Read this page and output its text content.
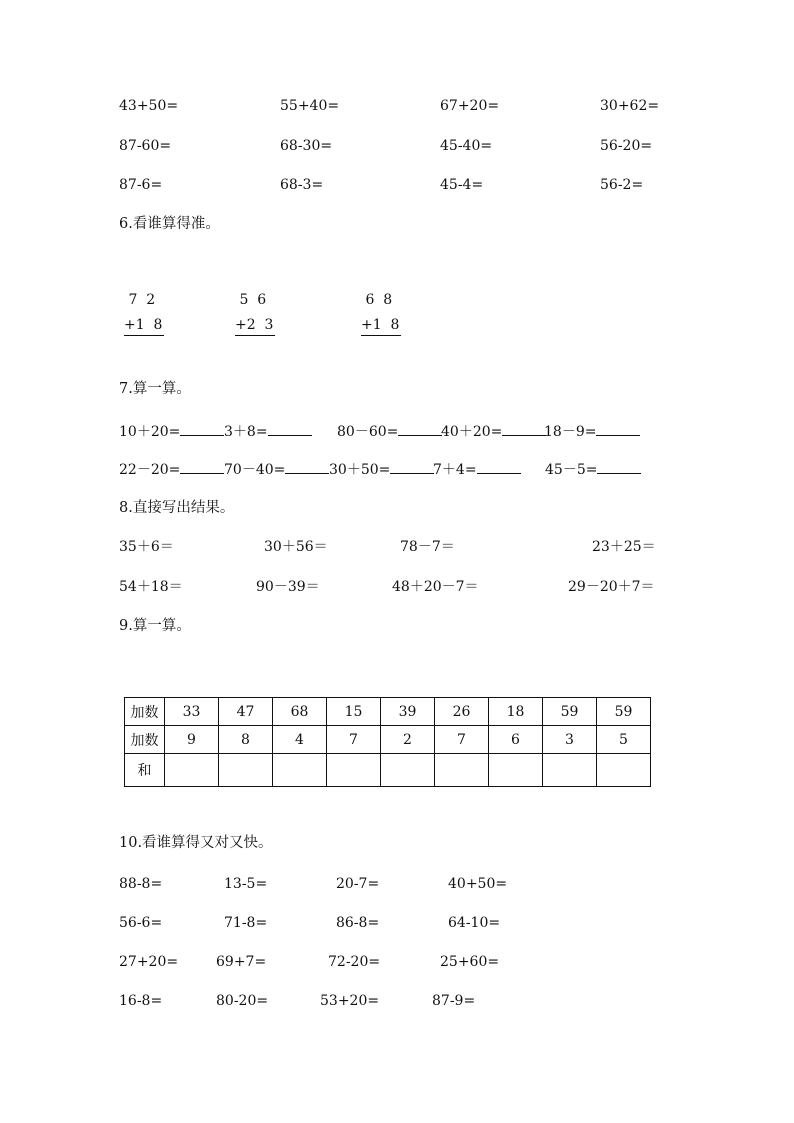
43+50=	55+40=	67+20=	30+62=
87-60=	68-30=	45-40=	56-20=
87-6=	68-3=	45-4=	56-2=
6.看谁算得准。
7  2
+1  8
5  6
+2  3
6  8
+1  8
7.算一算。
10＋20=	3＋8=	80－60=	40＋20=	18－9=
22－20=	70－40=	30＋50=	7＋4=	45－5=
8.直接写出结果。
35＋6＝	30＋56＝	78－7＝	23＋25＝
54＋18＝	90－39＝	48＋20－7＝	29－20＋7＝
9.算一算。
加数	33	47	68	15	39	26	18	59	59
加数	9	8	4	7	2	7	6	3	5
和									
10.看谁算得又对又快。
88-8=	13-5=	20-7=	40+50=
56-6=	71-8=	86-8=	64-10=
27+20=	69+7=	72-20=	25+60=
16-8=	80-20=	53+20=	87-9=
